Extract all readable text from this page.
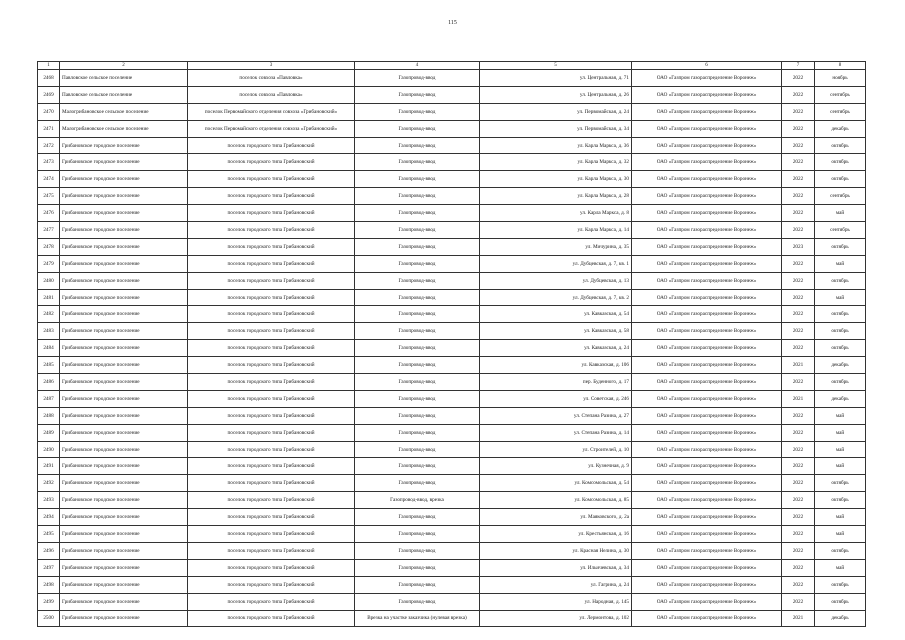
115
1	2	3	4	5	6	7	8
2468	Павловское сельское поселение	поселок совхоза «Павловка»	Газопровод-ввод	ул. Центральная, д. 71	ОАО «Газпром газораспределение Воронеж»	2022	ноябрь
2469	Павловское сельское поселение	поселок совхоза «Павловка»	Газопровод-ввод	ул. Центральная, д. 26	ОАО «Газпром газораспределение Воронеж»	2022	сентябрь
2470	Малогрибановское сельское поселение	поселок Первомайского отделения совхоза «Грибановский»	Газопровод-ввод	ул. Первомайская, д. 24	ОАО «Газпром газораспределение Воронеж»	2022	сентябрь
2471	Малогрибановское сельское поселение	поселок Первомайского отделения совхоза «Грибановский»	Газопровод-ввод	ул. Первомайская, д. 34	ОАО «Газпром газораспределение Воронеж»	2022	декабрь
2472	Грибановское городское поселение	поселок городского типа Грибановский	Газопровод-ввод	ул. Карла Маркса, д. 36	ОАО «Газпром газораспределение Воронеж»	2022	октябрь
2473	Грибановское городское поселение	поселок городского типа Грибановский	Газопровод-ввод	ул. Карла Маркса, д. 32	ОАО «Газпром газораспределение Воронеж»	2022	октябрь
2474	Грибановское городское поселение	поселок городского типа Грибановский	Газопровод-ввод	ул. Карла Маркса, д. 30	ОАО «Газпром газораспределение Воронеж»	2022	октябрь
2475	Грибановское городское поселение	поселок городского типа Грибановский	Газопровод-ввод	ул. Карла Маркса, д. 28	ОАО «Газпром газораспределение Воронеж»	2022	сентябрь
2476	Грибановское городское поселение	поселок городского типа Грибановский	Газопровод-ввод	ул. Карла Маркса, д. 8	ОАО «Газпром газораспределение Воронеж»	2022	май
2477	Грибановское городское поселение	поселок городского типа Грибановский	Газопровод-ввод	ул. Карла Маркса, д. 14	ОАО «Газпром газораспределение Воронеж»	2022	сентябрь
2478	Грибановское городское поселение	поселок городского типа Грибановский	Газопровод-ввод	ул. Мичурина, д. 35	ОАО «Газпром газораспределение Воронеж»	2023	октябрь
2479	Грибановское городское поселение	поселок городского типа Грибановский	Газопровод-ввод	ул. Дубцевская, д. 7, кв. 1	ОАО «Газпром газораспределение Воронеж»	2022	май
2480	Грибановское городское поселение	поселок городского типа Грибановский	Газопровод-ввод	ул. Дубцевская, д. 13	ОАО «Газпром газораспределение Воронеж»	2022	октябрь
2481	Грибановское городское поселение	поселок городского типа Грибановский	Газопровод-ввод	ул. Дубцевская, д. 7, кв. 2	ОАО «Газпром газораспределение Воронеж»	2022	май
2482	Грибановское городское поселение	поселок городского типа Грибановский	Газопровод-ввод	ул. Кавказская, д. 54	ОАО «Газпром газораспределение Воронеж»	2022	октябрь
2483	Грибановское городское поселение	поселок городского типа Грибановский	Газопровод-ввод	ул. Кавказская, д. 58	ОАО «Газпром газораспределение Воронеж»	2022	октябрь
2484	Грибановское городское поселение	поселок городского типа Грибановский	Газопровод-ввод	ул. Кавказская, д. 24	ОАО «Газпром газораспределение Воронеж»	2022	октябрь
2485	Грибановское городское поселение	поселок городского типа Грибановский	Газопровод-ввод	ул. Кавказская, д. 106	ОАО «Газпром газораспределение Воронеж»	2021	декабрь
2486	Грибановское городское поселение	поселок городского типа Грибановский	Газопровод-ввод	пер. Буденного, д. 17	ОАО «Газпром газораспределение Воронеж»	2022	октябрь
2487	Грибановское городское поселение	поселок городского типа Грибановский	Газопровод-ввод	ул. Советская, д. 246	ОАО «Газпром газораспределение Воронеж»	2021	декабрь
2488	Грибановское городское поселение	поселок городского типа Грибановский	Газопровод-ввод	ул. Степана Разина, д. 27	ОАО «Газпром газораспределение Воронеж»	2022	май
2489	Грибановское городское поселение	поселок городского типа Грибановский	Газопровод-ввод	ул. Степана Разина, д. 14	ОАО «Газпром газораспределение Воронеж»	2022	май
2490	Грибановское городское поселение	поселок городского типа Грибановский	Газопровод-ввод	ул. Строителей, д. 10	ОАО «Газпром газораспределение Воронеж»	2022	май
2491	Грибановское городское поселение	поселок городского типа Грибановский	Газопровод-ввод	ул. Кузнечная, д. 9	ОАО «Газпром газораспределение Воронеж»	2022	май
2492	Грибановское городское поселение	поселок городского типа Грибановский	Газопровод-ввод	ул. Комсомольская, д. 54	ОАО «Газпром газораспределение Воронеж»	2022	октябрь
2493	Грибановское городское поселение	поселок городского типа Грибановский	Газопровод-ввод, врезка	ул. Комсомольская, д. 85	ОАО «Газпром газораспределение Воронеж»	2022	октябрь
2494	Грибановское городское поселение	поселок городского типа Грибановский	Газопровод-ввод	ул. Маяковского, д. 2а	ОАО «Газпром газораспределение Воронеж»	2022	май
2495	Грибановское городское поселение	поселок городского типа Грибановский	Газопровод-ввод	ул. Крестьянская, д. 16	ОАО «Газпром газораспределение Воронеж»	2022	май
2496	Грибановское городское поселение	поселок городского типа Грибановский	Газопровод-ввод	ул. Красная Нелина, д. 30	ОАО «Газпром газораспределение Воронеж»	2022	октябрь
2497	Грибановское городское поселение	поселок городского типа Грибановский	Газопровод-ввод	ул. Ильичевская, д. 34	ОАО «Газпром газораспределение Воронеж»	2022	май
2498	Грибановское городское поселение	поселок городского типа Грибановский	Газопровод-ввод	ул. Гагрина, д. 24	ОАО «Газпром газораспределение Воронеж»	2022	октябрь
2499	Грибановское городское поселение	поселок городского типа Грибановский	Газопровод-ввод	ул. Народная, д. 145	ОАО «Газпром газораспределение Воронеж»	2022	октябрь
2500	Грибановское городское поселение	поселок городского типа Грибановский	Врезка на участке заказчика (нулевая врезка)	ул. Лермонтова, д. 102	ОАО «Газпром газораспределение Воронеж»	2021	декабрь
